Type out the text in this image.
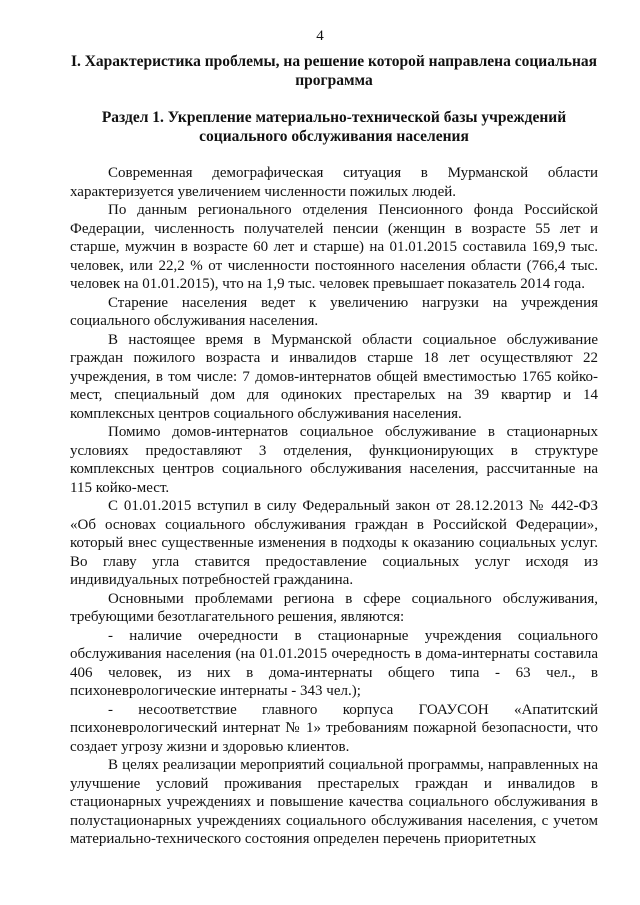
4
I. Характеристика проблемы, на решение которой направлена социальная программа
Раздел 1. Укрепление материально-технической базы учреждений социального обслуживания населения

Современная демографическая ситуация в Мурманской области характеризуется увеличением численности пожилых людей.

По данным регионального отделения Пенсионного фонда Российской Федерации, численность получателей пенсии (женщин в возрасте 55 лет и старше, мужчин в возрасте 60 лет и старше) на 01.01.2015 составила 169,9 тыс. человек, или 22,2 % от численности постоянного населения области (766,4 тыс. человек на 01.01.2015), что на 1,9 тыс. человек превышает показатель 2014 года.

Старение населения ведет к увеличению нагрузки на учреждения социального обслуживания населения.

В настоящее время в Мурманской области социальное обслуживание граждан пожилого возраста и инвалидов старше 18 лет осуществляют 22 учреждения, в том числе: 7 домов-интернатов общей вместимостью 1765 койко-мест, специальный дом для одиноких престарелых на 39 квартир и 14 комплексных центров социального обслуживания населения.

Помимо домов-интернатов социальное обслуживание в стационарных условиях предоставляют 3 отделения, функционирующих в структуре комплексных центров социального обслуживания населения, рассчитанные на 115 койко-мест.

С 01.01.2015 вступил в силу Федеральный закон от 28.12.2013 № 442-ФЗ «Об основах социального обслуживания граждан в Российской Федерации», который внес существенные изменения в подходы к оказанию социальных услуг. Во главу угла ставится предоставление социальных услуг исходя из индивидуальных потребностей гражданина.

Основными проблемами региона в сфере социального обслуживания, требующими безотлагательного решения, являются:

- наличие очередности в стационарные учреждения социального обслуживания населения (на 01.01.2015 очередность в дома-интернаты составила 406 человек, из них в дома-интернаты общего типа - 63 чел., в психоневрологические интернаты - 343 чел.);

- несоответствие главного корпуса ГОАУСОН «Апатитский психоневрологический интернат № 1» требованиям пожарной безопасности, что создает угрозу жизни и здоровью клиентов.

В целях реализации мероприятий социальной программы, направленных на улучшение условий проживания престарелых граждан и инвалидов в стационарных учреждениях и повышение качества социального обслуживания в полустационарных учреждениях социального обслуживания населения, с учетом материально-технического состояния определен перечень приоритетных
